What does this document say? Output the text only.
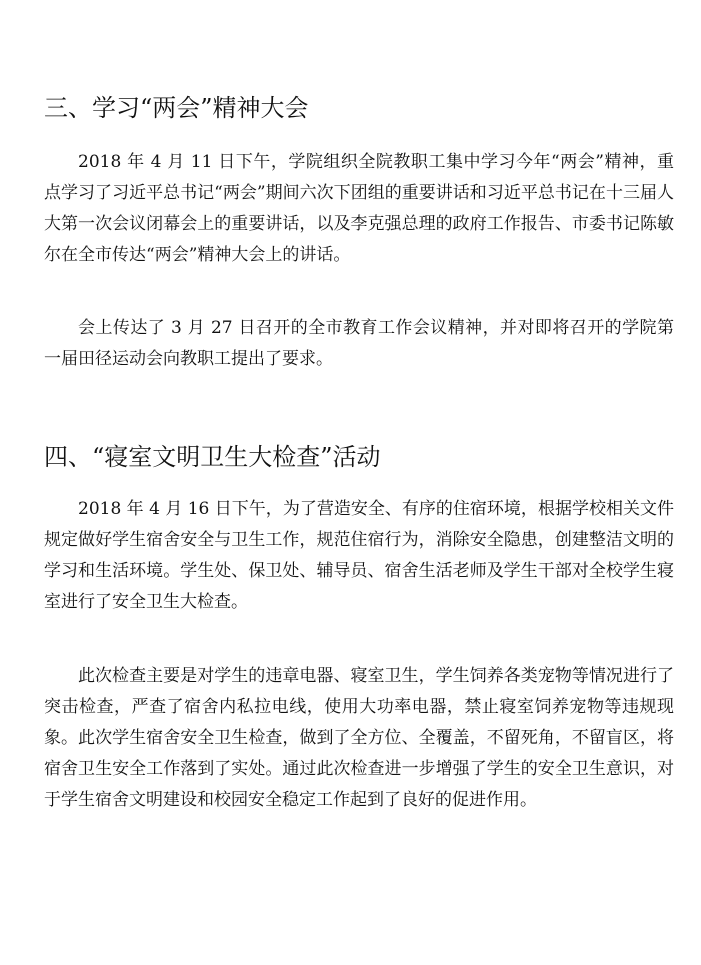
三、学习“两会”精神大会

2018 年 4 月 11 日下午，学院组织全院教职工集中学习今年“两会”精神，重点学习了习近平总书记“两会”期间六次下团组的重要讲话和习近平总书记在十三届人大第一次会议闭幕会上的重要讲话，以及李克强总理的政府工作报告、市委书记陈敏尔在全市传达“两会”精神大会上的讲话。

会上传达了 3 月 27 日召开的全市教育工作会议精神，并对即将召开的学院第一届田径运动会向教职工提出了要求。

四、“寝室文明卫生大检查”活动

2018 年 4 月 16 日下午，为了营造安全、有序的住宿环境，根据学校相关文件规定做好学生宿舍安全与卫生工作，规范住宿行为，消除安全隐患，创建整洁文明的学习和生活环境。学生处、保卫处、辅导员、宿舍生活老师及学生干部对全校学生寝室进行了安全卫生大检查。

此次检查主要是对学生的违章电器、寝室卫生，学生饲养各类宠物等情况进行了突击检查，严查了宿舍内私拉电线，使用大功率电器，禁止寝室饲养宠物等违规现象。此次学生宿舍安全卫生检查，做到了全方位、全覆盖，不留死角，不留盲区，将宿舍卫生安全工作落到了实处。通过此次检查进一步增强了学生的安全卫生意识，对于学生宿舍文明建设和校园安全稳定工作起到了良好的促进作用。
